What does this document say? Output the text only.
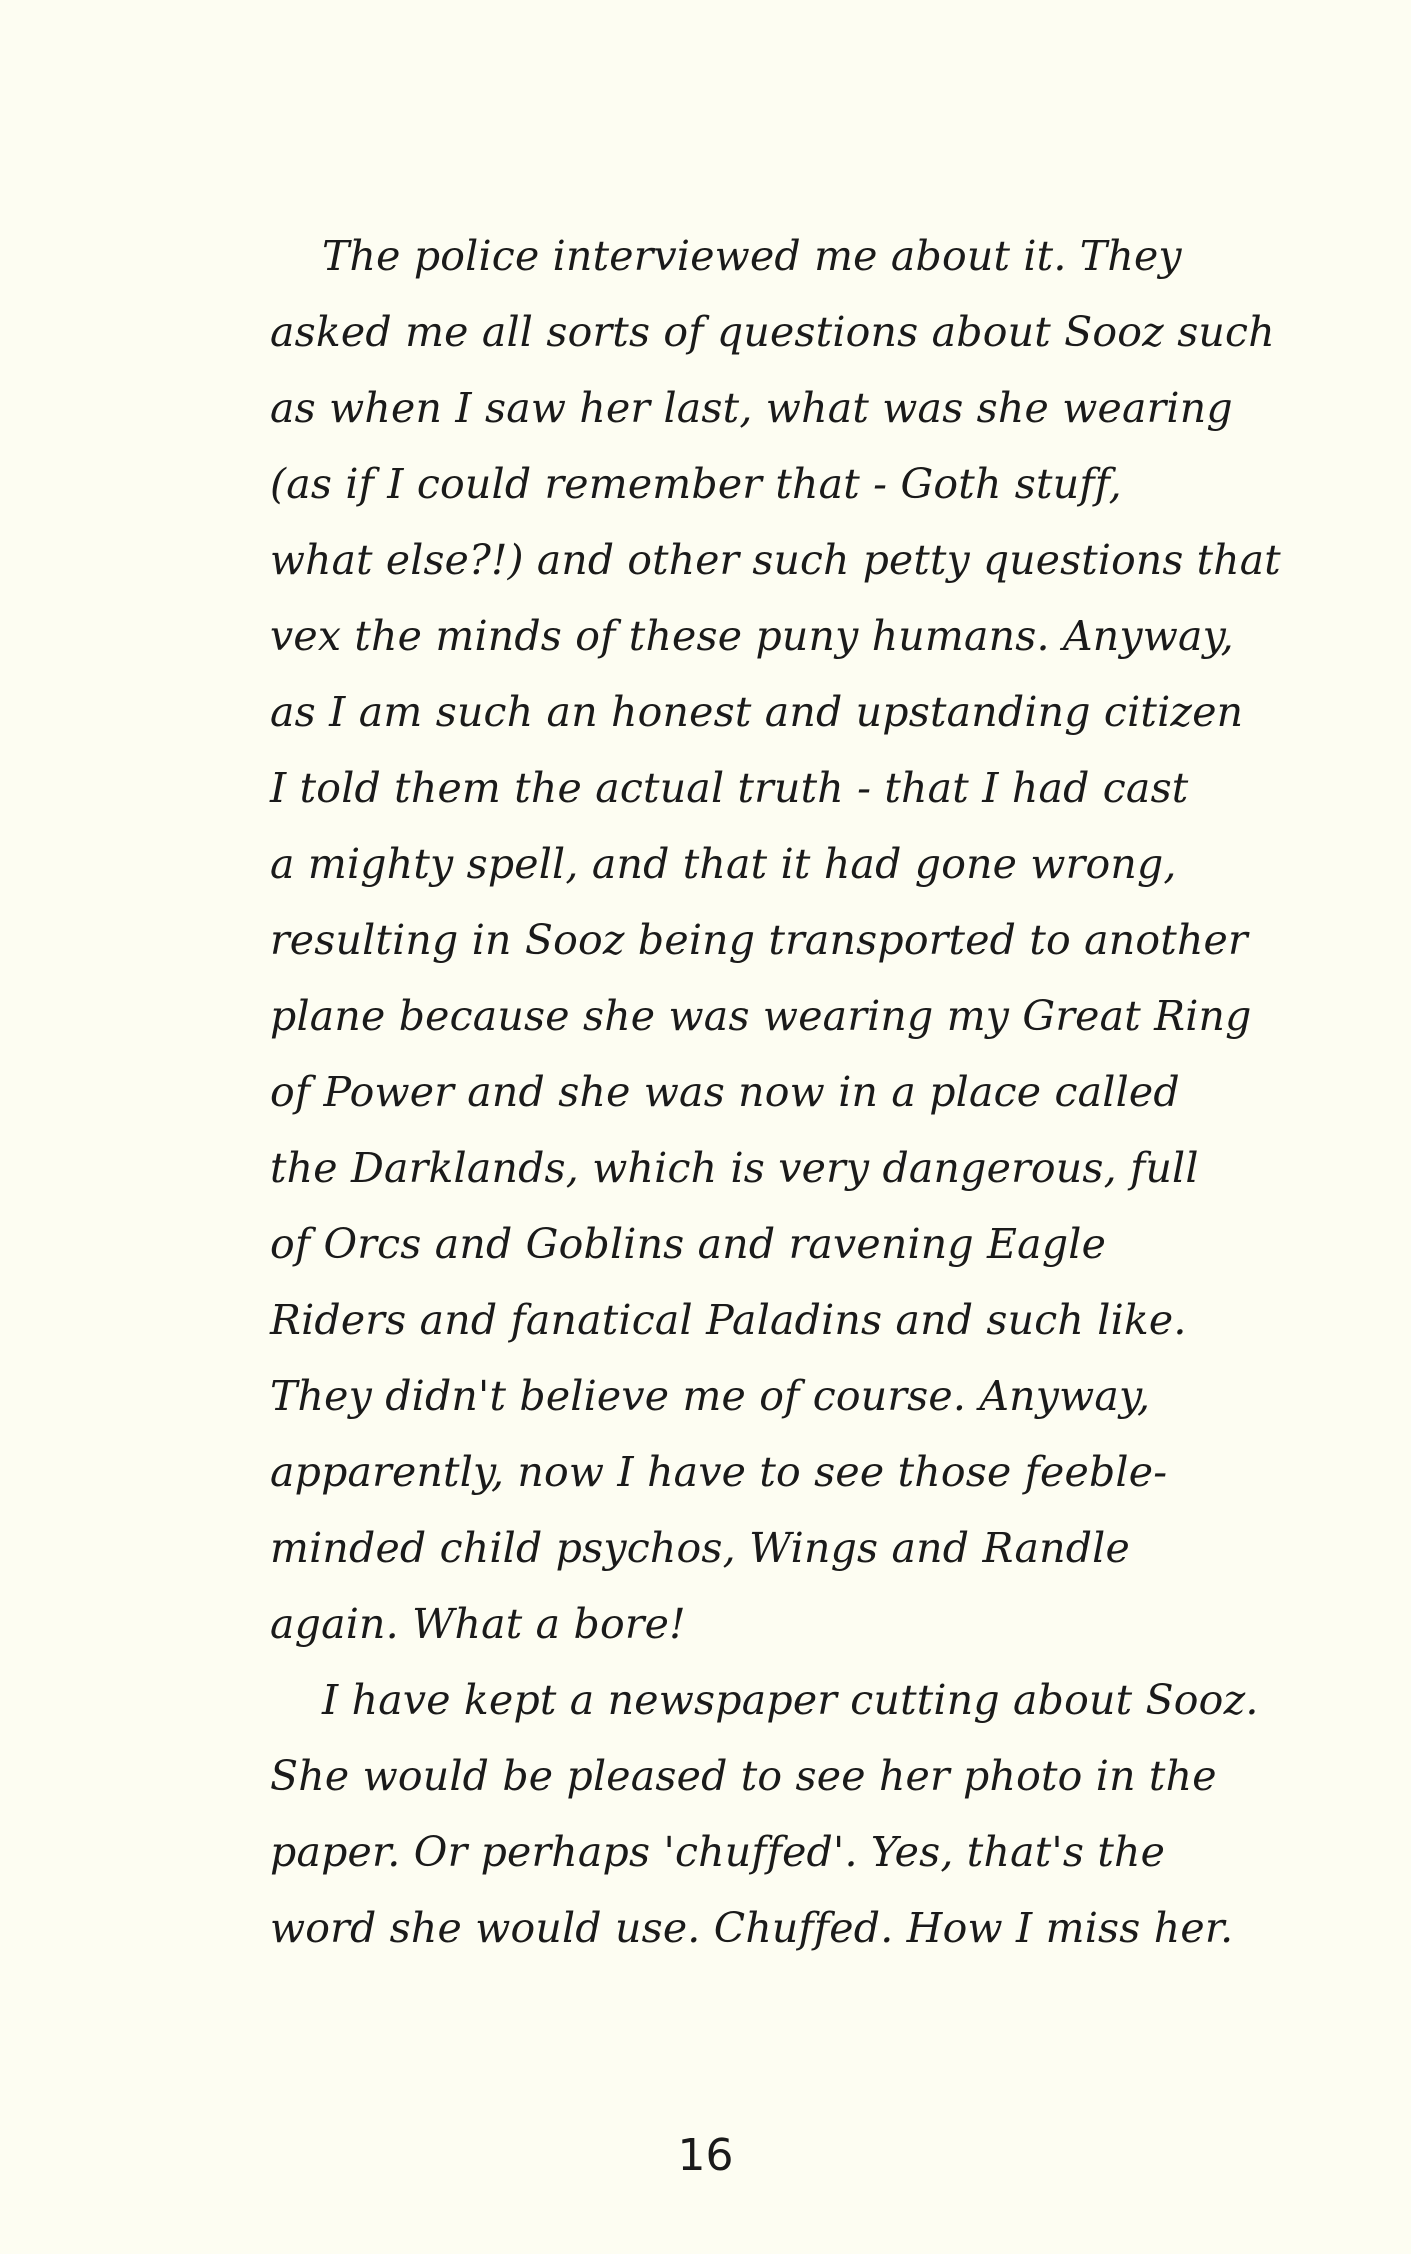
The police interviewed me about it. They
asked me all sorts of questions about Sooz such
as when I saw her last, what was she wearing
(as if I could remember that - Goth stuff,
what else?!) and other such petty questions that
vex the minds of these puny humans. Anyway,
as I am such an honest and upstanding citizen
I told them the actual truth - that I had cast
a mighty spell, and that it had gone wrong,
resulting in Sooz being transported to another
plane because she was wearing my Great Ring
of Power and she was now in a place called
the Darklands, which is very dangerous, full
of Orcs and Goblins and ravening Eagle
Riders and fanatical Paladins and such like.
They didn't believe me of course. Anyway,
apparently, now I have to see those feeble-
minded child psychos, Wings and Randle
again. What a bore!
I have kept a newspaper cutting about Sooz.
She would be pleased to see her photo in the
paper. Or perhaps 'chuffed'. Yes, that's the
word she would use. Chuffed. How I miss her.
16
